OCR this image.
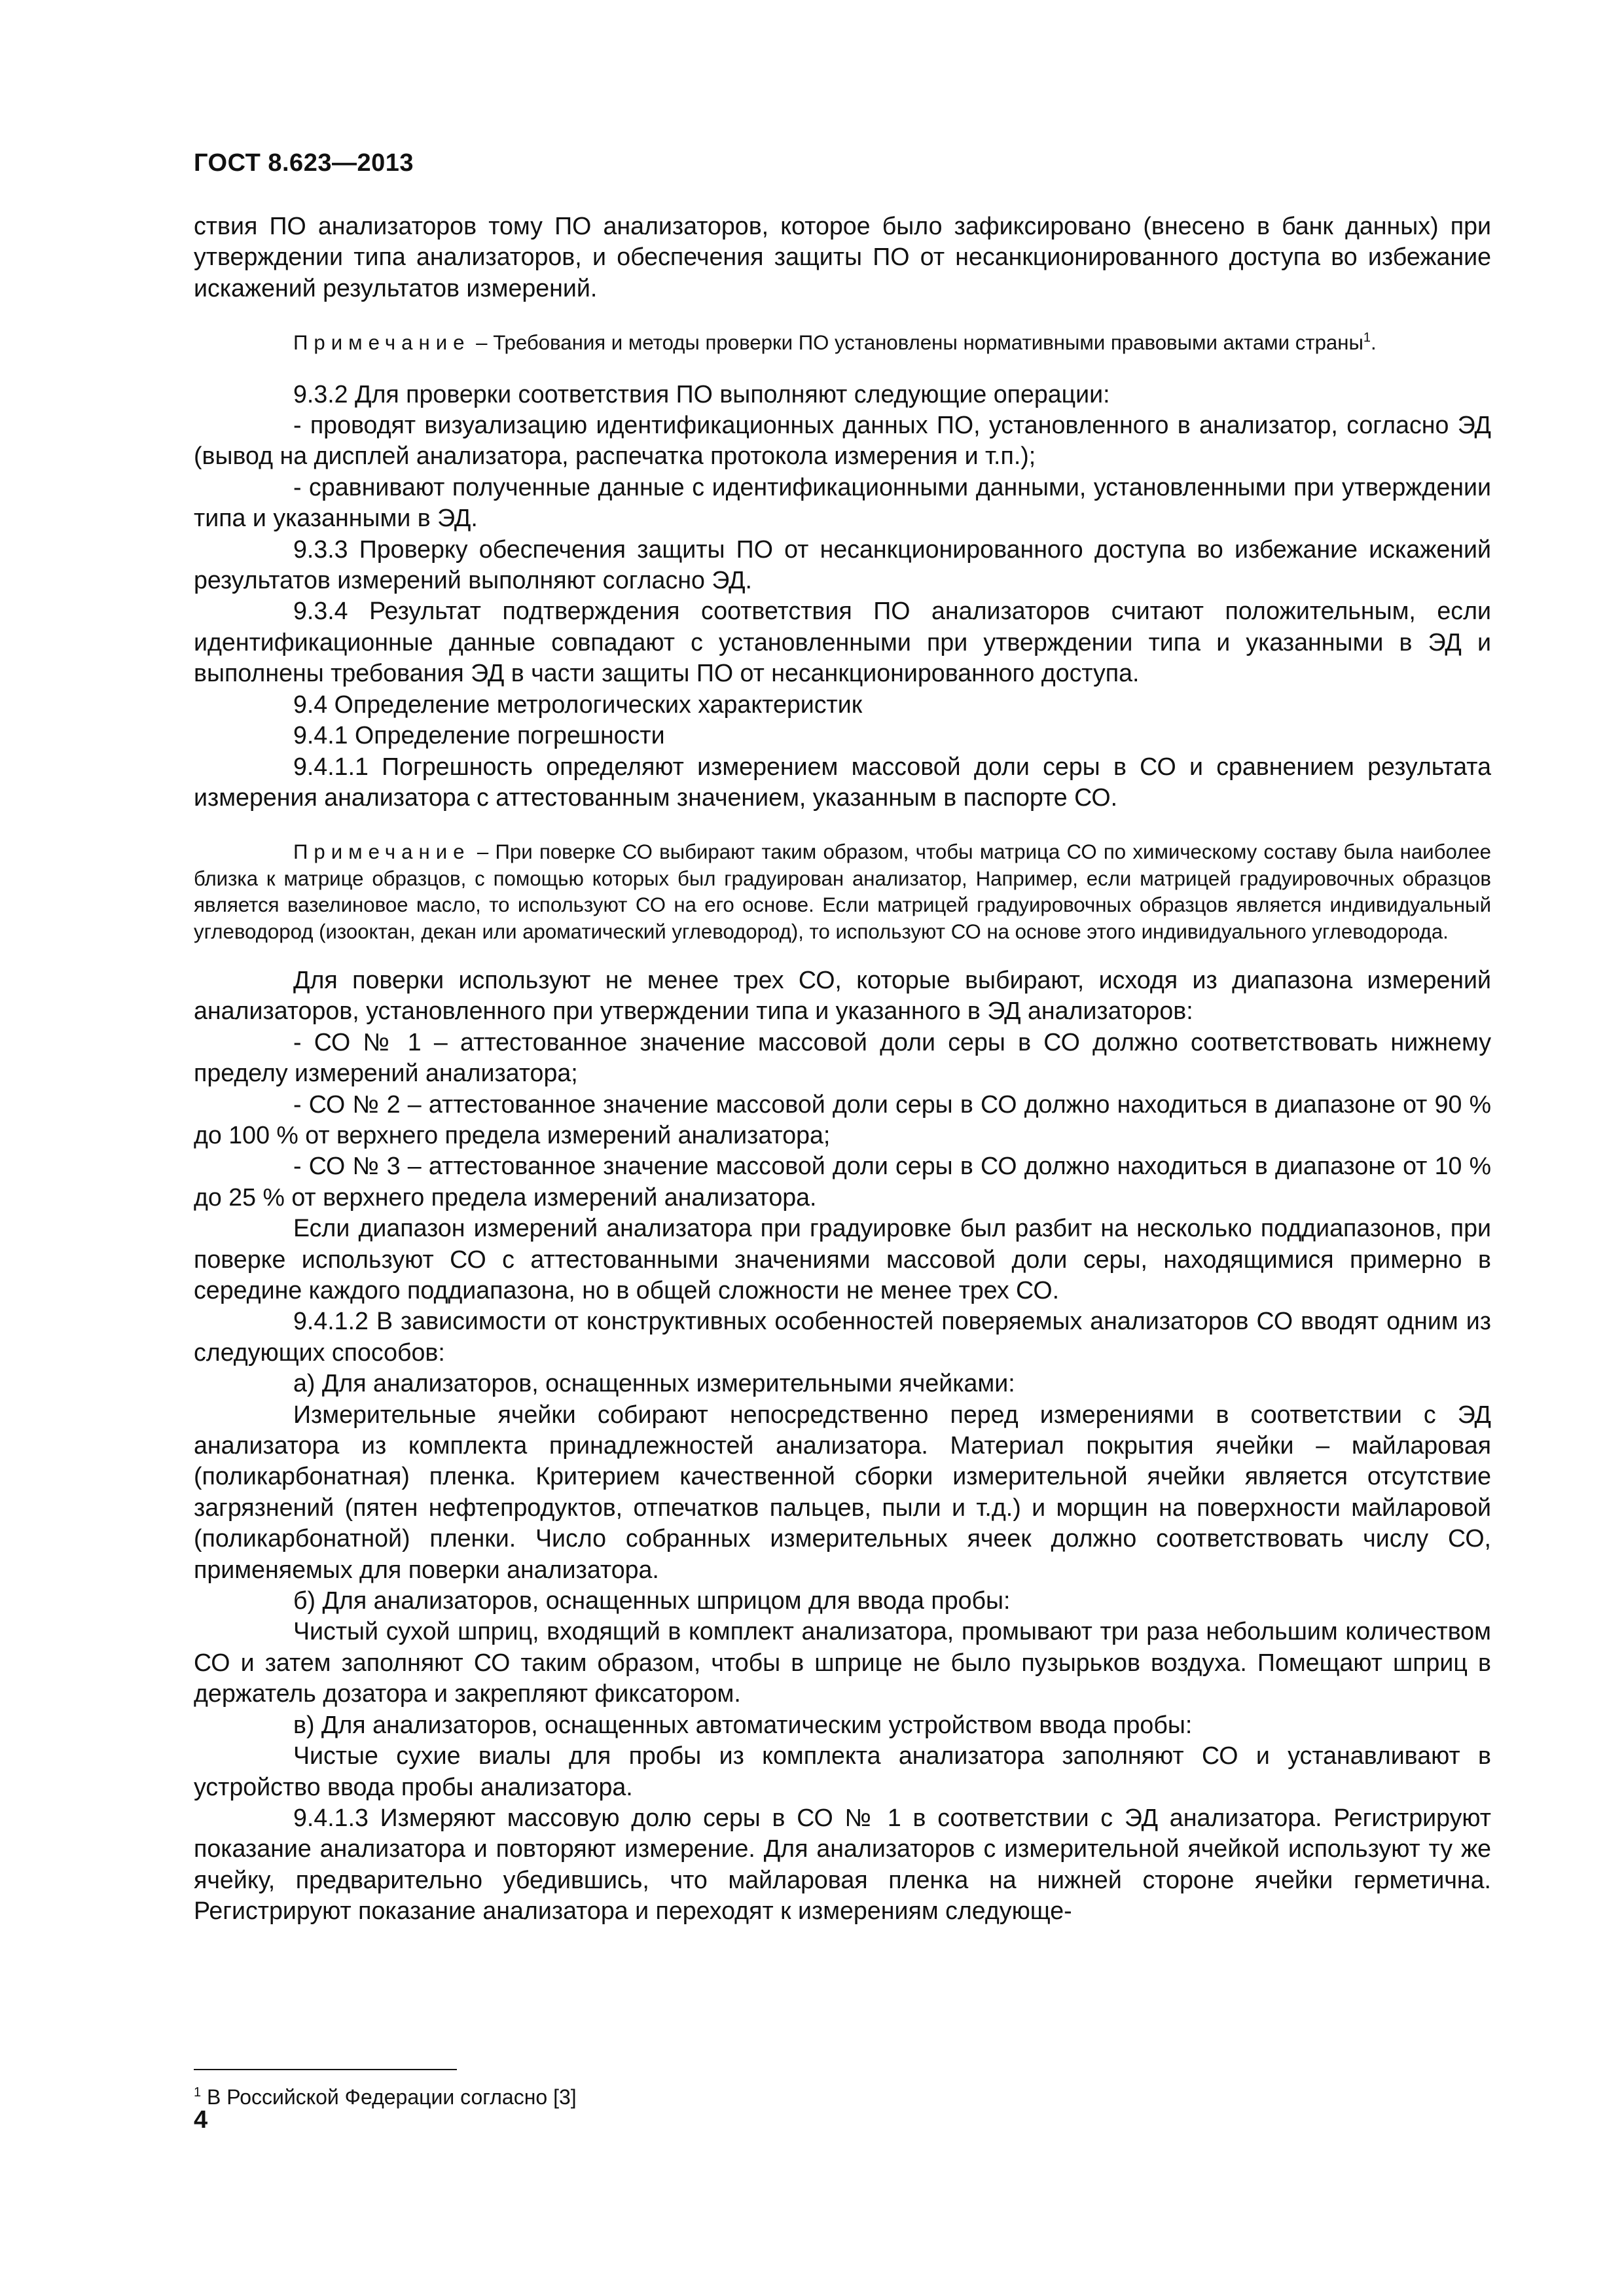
ГОСТ 8.623—2013

ствия ПО анализаторов тому ПО анализаторов, которое было зафиксировано (внесено в банк данных) при утверждении типа анализаторов, и обеспечения защиты ПО от несанкционированного доступа во избежание искажений результатов измерений.

Примечание – Требования и методы проверки ПО установлены нормативными правовыми актами страны$^1$.

9.3.2 Для проверки соответствия ПО выполняют следующие операции:

- проводят визуализацию идентификационных данных ПО, установленного в анализатор, согласно ЭД (вывод на дисплей анализатора, распечатка протокола измерения и т.п.);

- сравнивают полученные данные с идентификационными данными, установленными при утверждении типа и указанными в ЭД.

9.3.3 Проверку обеспечения защиты ПО от несанкционированного доступа во избежание искажений результатов измерений выполняют согласно ЭД.

9.3.4 Результат подтверждения соответствия ПО анализаторов считают положительным, если идентификационные данные совпадают с установленными при утверждении типа и указанными в ЭД и выполнены требования ЭД в части защиты ПО от несанкционированного доступа.

9.4 Определение метрологических характеристик

9.4.1 Определение погрешности

9.4.1.1 Погрешность определяют измерением массовой доли серы в СО и сравнением результата измерения анализатора с аттестованным значением, указанным в паспорте СО.

Примечание – При поверке СО выбирают таким образом, чтобы матрица СО по химическому составу была наиболее близка к матрице образцов, с помощью которых был градуирован анализатор, Например, если матрицей градуировочных образцов является вазелиновое масло, то используют СО на его основе. Если матрицей градуировочных образцов является индивидуальный углеводород (изооктан, декан или ароматический углеводород), то используют СО на основе этого индивидуального углеводорода.

Для поверки используют не менее трех СО, которые выбирают, исходя из диапазона измерений анализаторов, установленного при утверждении типа и указанного в ЭД анализаторов:

- СО № 1 – аттестованное значение массовой доли серы в СО должно соответствовать нижнему пределу измерений анализатора;

- СО № 2 – аттестованное значение массовой доли серы в СО должно находиться в диапазоне от 90 % до 100 % от верхнего предела измерений анализатора;

- СО № 3 – аттестованное значение массовой доли серы в СО должно находиться в диапазоне от 10 % до 25 % от верхнего предела измерений анализатора.

Если диапазон измерений анализатора при градуировке был разбит на несколько поддиапазонов, при поверке используют СО с аттестованными значениями массовой доли серы, находящимися примерно в середине каждого поддиапазона, но в общей сложности не менее трех СО.

9.4.1.2 В зависимости от конструктивных особенностей поверяемых анализаторов СО вводят одним из следующих способов:

а) Для анализаторов, оснащенных измерительными ячейками:

Измерительные ячейки собирают непосредственно перед измерениями в соответствии с ЭД анализатора из комплекта принадлежностей анализатора. Материал покрытия ячейки – майларовая (поликарбонатная) пленка. Критерием качественной сборки измерительной ячейки является отсутствие загрязнений (пятен нефтепродуктов, отпечатков пальцев, пыли и т.д.) и морщин на поверхности майларовой (поликарбонатной) пленки. Число собранных измерительных ячеек должно соответствовать числу СО, применяемых для поверки анализатора.

б) Для анализаторов, оснащенных шприцом для ввода пробы:

Чистый сухой шприц, входящий в комплект анализатора, промывают три раза небольшим количеством СО и затем заполняют СО таким образом, чтобы в шприце не было пузырьков воздуха. Помещают шприц в держатель дозатора и закрепляют фиксатором.

в) Для анализаторов, оснащенных автоматическим устройством ввода пробы:

Чистые сухие виалы для пробы из комплекта анализатора заполняют СО и устанавливают в устройство ввода пробы анализатора.

9.4.1.3 Измеряют массовую долю серы в СО № 1 в соответствии с ЭД анализатора. Регистрируют показание анализатора и повторяют измерение. Для анализаторов с измерительной ячейкой используют ту же ячейку, предварительно убедившись, что майларовая пленка на нижней стороне ячейки герметична. Регистрируют показание анализатора и переходят к измерениям следующе-

$^1$ В Российской Федерации согласно [3]
4
